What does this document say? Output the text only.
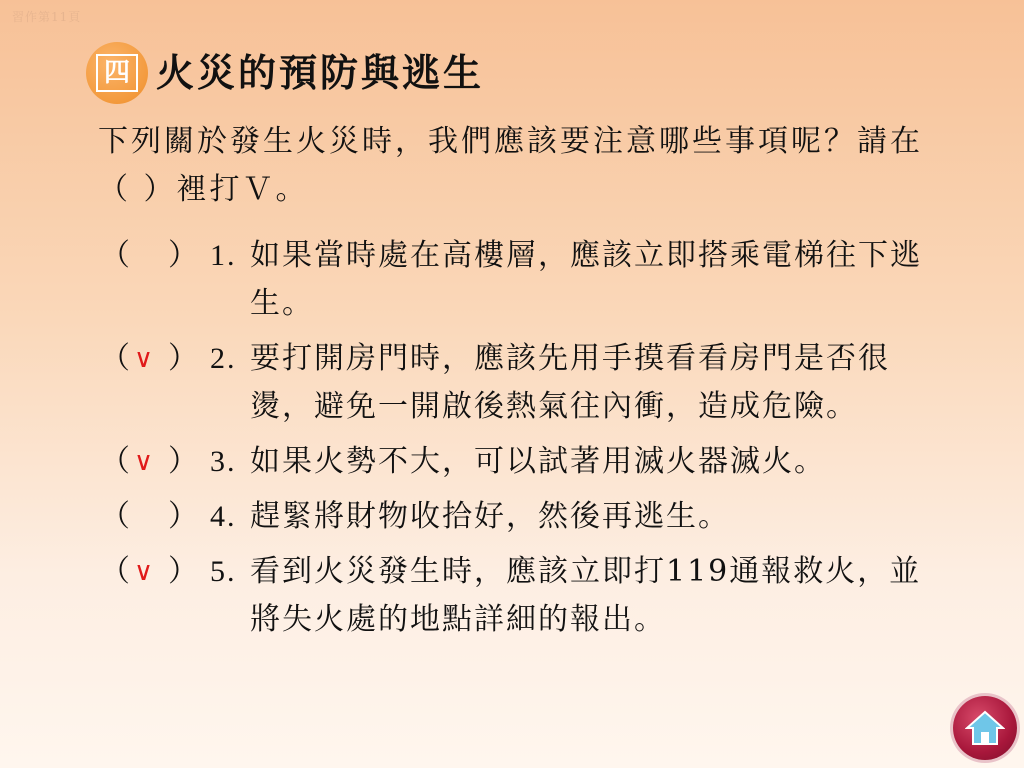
習作第11頁
四 火災的預防與逃生
下列關於發生火災時，我們應該要注意哪些事項呢？請在（ ）裡打Ｖ。
（ ） 1. 如果當時處在高樓層，應該立即搭乘電梯往下逃生。
（ ∨ ） 2. 要打開房門時，應該先用手摸看看房門是否很燙，避免一開啟後熱氣往內衝，造成危險。
（ ∨ ） 3. 如果火勢不大，可以試著用滅火器滅火。
（ ） 4. 趕緊將財物收拾好，然後再逃生。
（ ∨ ） 5. 看到火災發生時，應該立即打119通報救火，並將失火處的地點詳細的報出。
